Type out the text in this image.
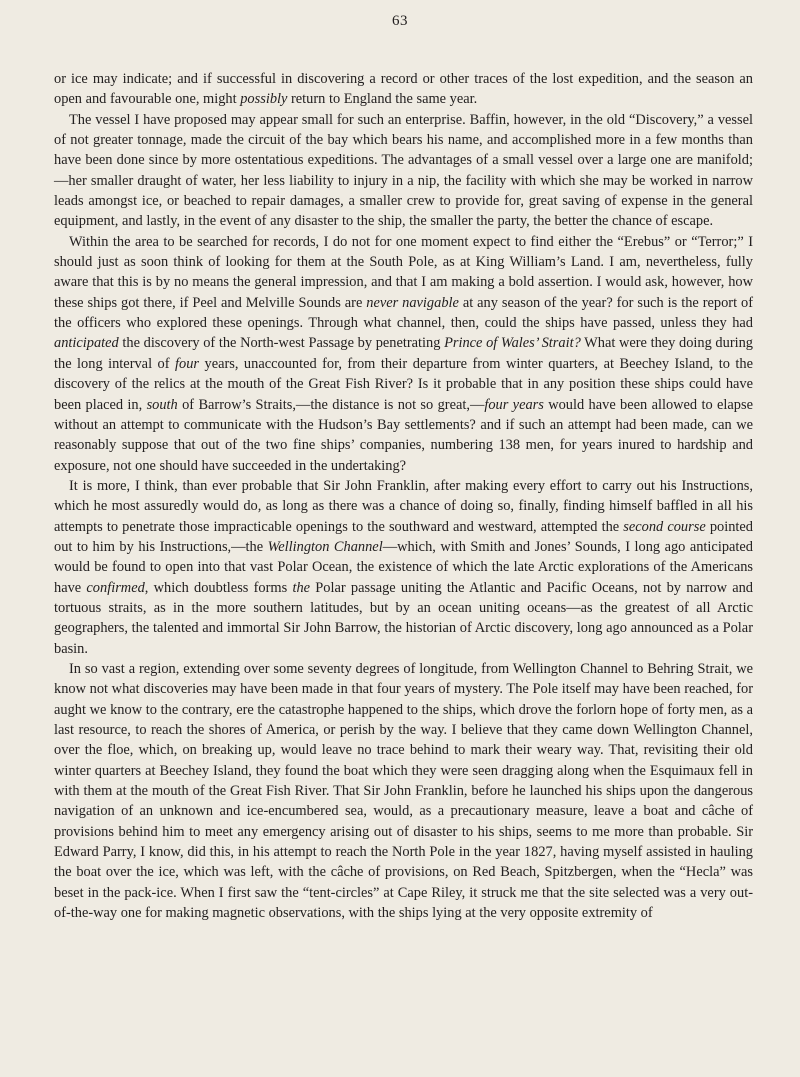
63

or ice may indicate; and if successful in discovering a record or other traces of the lost expedition, and the season an open and favourable one, might possibly return to England the same year.

The vessel I have proposed may appear small for such an enterprise. Baffin, however, in the old “Discovery,” a vessel of not greater tonnage, made the circuit of the bay which bears his name, and accomplished more in a few months than have been done since by more ostentatious expeditions. The advantages of a small vessel over a large one are manifold;—her smaller draught of water, her less liability to injury in a nip, the facility with which she may be worked in narrow leads amongst ice, or beached to repair damages, a smaller crew to provide for, great saving of expense in the general equipment, and lastly, in the event of any disaster to the ship, the smaller the party, the better the chance of escape.

Within the area to be searched for records, I do not for one moment expect to find either the “Erebus” or “Terror;” I should just as soon think of looking for them at the South Pole, as at King William’s Land. I am, nevertheless, fully aware that this is by no means the general impression, and that I am making a bold assertion. I would ask, however, how these ships got there, if Peel and Melville Sounds are never navigable at any season of the year? for such is the report of the officers who explored these openings. Through what channel, then, could the ships have passed, unless they had anticipated the discovery of the North-west Passage by penetrating Prince of Wales’ Strait? What were they doing during the long interval of four years, unaccounted for, from their departure from winter quarters, at Beechey Island, to the discovery of the relics at the mouth of the Great Fish River? Is it probable that in any position these ships could have been placed in, south of Barrow’s Straits,—the distance is not so great,—four years would have been allowed to elapse without an attempt to communicate with the Hudson’s Bay settlements? and if such an attempt had been made, can we reasonably suppose that out of the two fine ships’ companies, numbering 138 men, for years inured to hardship and exposure, not one should have succeeded in the undertaking?

It is more, I think, than ever probable that Sir John Franklin, after making every effort to carry out his Instructions, which he most assuredly would do, as long as there was a chance of doing so, finally, finding himself baffled in all his attempts to penetrate those impracticable openings to the southward and westward, attempted the second course pointed out to him by his Instructions,—the Wellington Channel—which, with Smith and Jones’ Sounds, I long ago anticipated would be found to open into that vast Polar Ocean, the existence of which the late Arctic explorations of the Americans have confirmed, which doubtless forms the Polar passage uniting the Atlantic and Pacific Oceans, not by narrow and tortuous straits, as in the more southern latitudes, but by an ocean uniting oceans—as the greatest of all Arctic geographers, the talented and immortal Sir John Barrow, the historian of Arctic discovery, long ago announced as a Polar basin.

In so vast a region, extending over some seventy degrees of longitude, from Wellington Channel to Behring Strait, we know not what discoveries may have been made in that four years of mystery. The Pole itself may have been reached, for aught we know to the contrary, ere the catastrophe happened to the ships, which drove the forlorn hope of forty men, as a last resource, to reach the shores of America, or perish by the way. I believe that they came down Wellington Channel, over the floe, which, on breaking up, would leave no trace behind to mark their weary way. That, revisiting their old winter quarters at Beechey Island, they found the boat which they were seen dragging along when the Esquimaux fell in with them at the mouth of the Great Fish River. That Sir John Franklin, before he launched his ships upon the dangerous navigation of an unknown and ice-encumbered sea, would, as a precautionary measure, leave a boat and câche of provisions behind him to meet any emergency arising out of disaster to his ships, seems to me more than probable. Sir Edward Parry, I know, did this, in his attempt to reach the North Pole in the year 1827, having myself assisted in hauling the boat over the ice, which was left, with the câche of provisions, on Red Beach, Spitzbergen, when the “Hecla” was beset in the pack-ice. When I first saw the “tent-circles” at Cape Riley, it struck me that the site selected was a very out-of-the-way one for making magnetic observations, with the ships lying at the very opposite extremity of
